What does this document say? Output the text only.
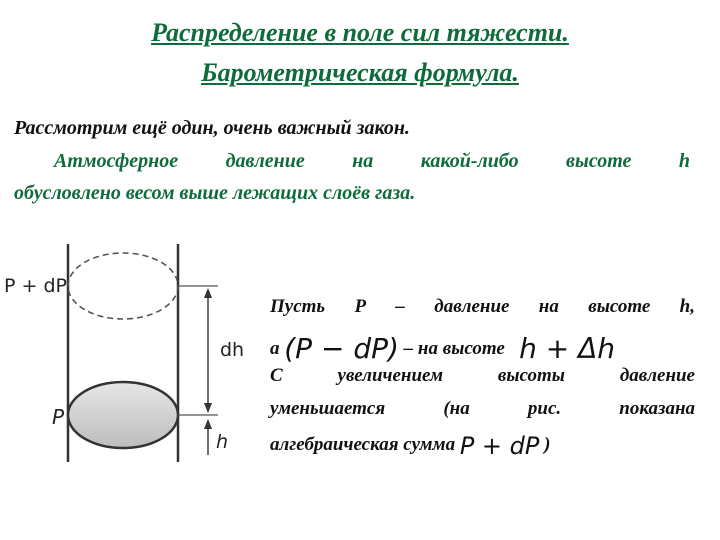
Распределение в поле сил тяжести.
Барометрическая формула.
Рассмотрим ещё один, очень важный закон.
Атмосферное давление на какой-либо высоте h
обусловлено весом выше лежащих слоёв газа.
P + dP
P
dh
h
Пусть Р – давление на высоте h,
а (P − dP) – на высоте h + Δh
С увеличением высоты давление
уменьшается (на рис. показана
алгебраическая сумма P + dP )
